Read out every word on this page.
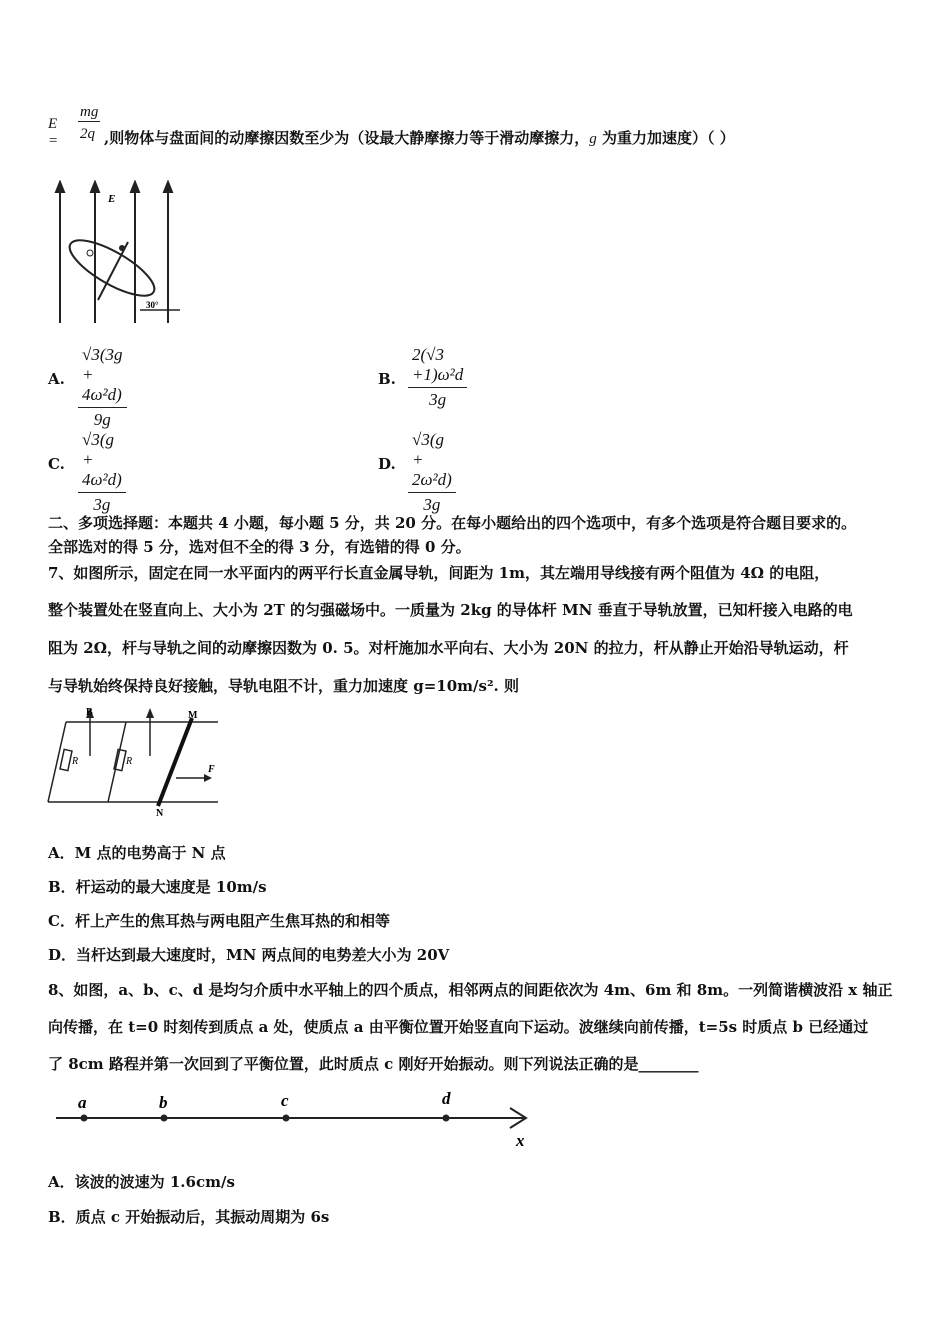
E =
mg
2q ,则物体与盘面间的动摩擦因数至少为（设最大静摩擦力等于滑动摩擦力，g 为重力加速度）（ ）
E
30°
A. $\frac{\text{√3(3g + 4ω²d)}}{9g}$	B. $\frac{\text{2(√3 +1)ω²d}}{3g}$
C. $\frac{\text{√3(g + 4ω²d)}}{3g}$	D. $\frac{\text{√3(g + 2ω²d)}}{3g}$
二、多项选择题：本题共 4 小题，每小题 5 分，共 20 分。在每小题给出的四个选项中，有多个选项是符合题目要求的。
全部选对的得 5 分，选对但不全的得 3 分，有选错的得 0 分。
7、如图所示，固定在同一水平面内的两平行长直金属导轨，间距为 1m，其左端用导线接有两个阻值为 4Ω 的电阻，
整个装置处在竖直向上、大小为 2T 的匀强磁场中。一质量为 2kg 的导体杆 MN 垂直于导轨放置，已知杆接入电路的电
阻为 2Ω，杆与导轨之间的动摩擦因数为 0. 5。对杆施加水平向右、大小为 20N 的拉力，杆从静止开始沿导轨运动，杆
与导轨始终保持良好接触，导轨电阻不计，重力加速度 g=10m/s². 则
B	M
N
F
R	R
A．M 点的电势高于 N 点
B．杆运动的最大速度是 10m/s
C．杆上产生的焦耳热与两电阻产生焦耳热的和相等
D．当杆达到最大速度时，MN 两点间的电势差大小为 20V
8、如图，a、b、c、d 是均匀介质中水平轴上的四个质点，相邻两点的间距依次为 4m、6m 和 8m。一列简谐横波沿 x 轴正
向传播，在 t=0 时刻传到质点 a 处，使质点 a 由平衡位置开始竖直向下运动。波继续向前传播，t=5s 时质点 b 已经通过
了 8cm 路程并第一次回到了平衡位置，此时质点 c 刚好开始振动。则下列说法正确的是________
a	b	c	d
x
A．该波的波速为 1.6cm/s
B．质点 c 开始振动后，其振动周期为 6s
